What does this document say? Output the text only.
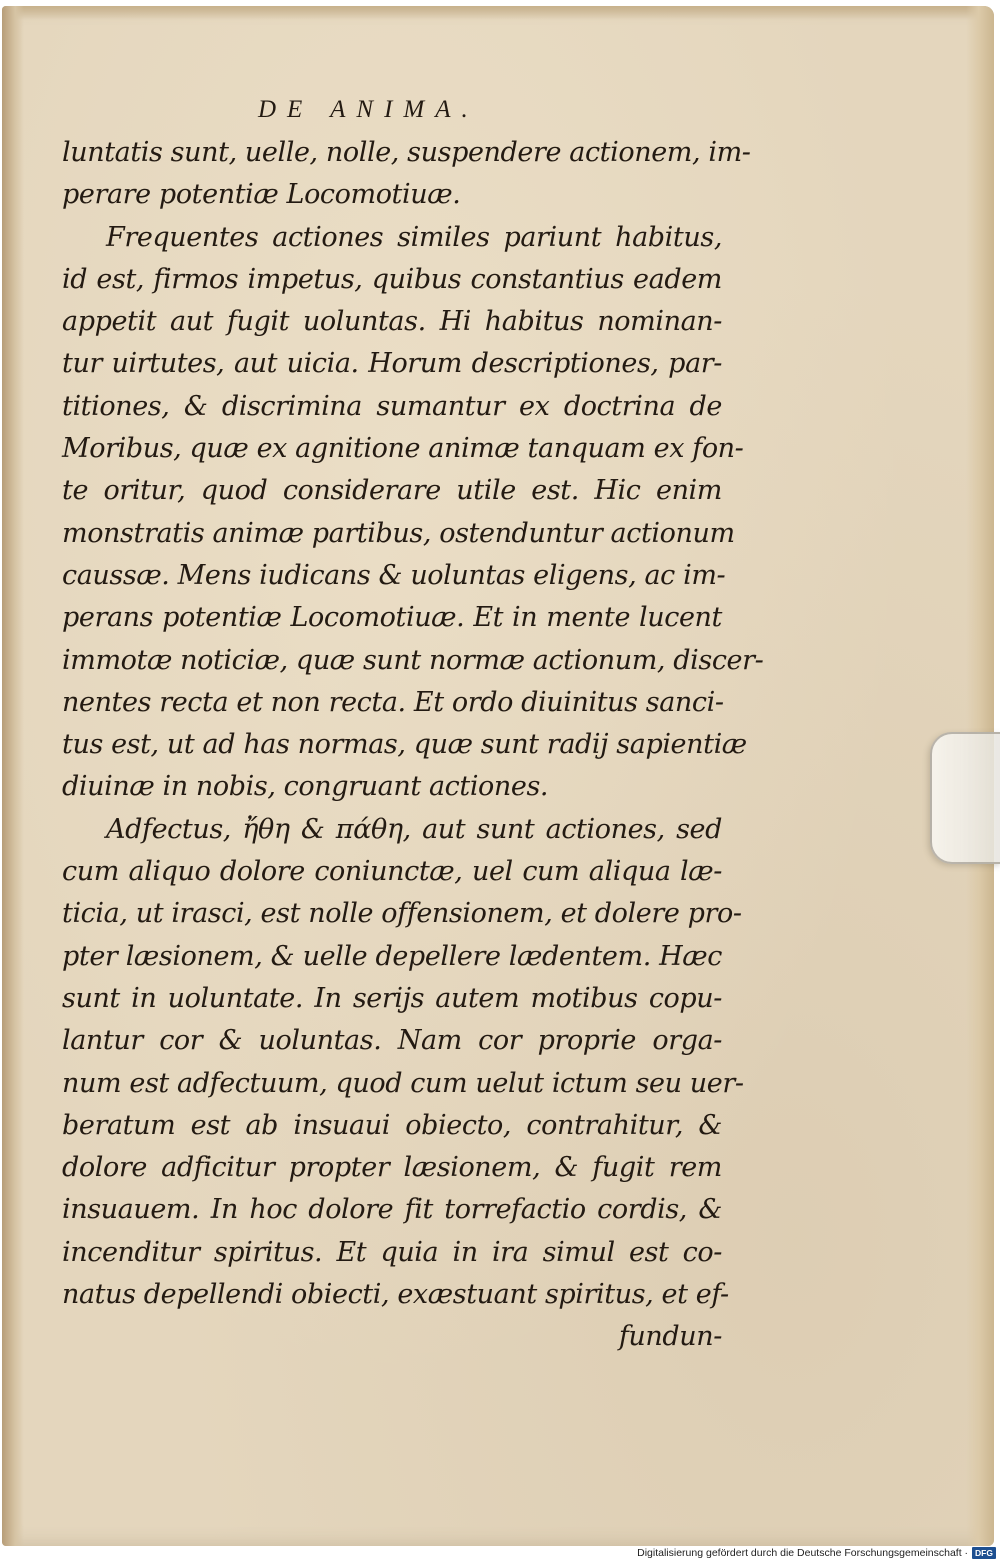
DE ANIMA.
luntatis sunt, uelle, nolle, suspendere actionem, im-
perare potentiæ Locomotiuæ.
Frequentes actiones similes pariunt habitus,
id est, firmos impetus, quibus constantius eadem
appetit aut fugit uoluntas. Hi habitus nominan-
tur uirtutes, aut uicia. Horum descriptiones, par-
titiones, & discrimina sumantur ex doctrina de
Moribus, quæ ex agnitione animæ tanquam ex fon-
te oritur, quod considerare utile est. Hic enim
monstratis animæ partibus, ostenduntur actionum
caussæ. Mens iudicans & uoluntas eligens, ac im-
perans potentiæ Locomotiuæ. Et in mente lucent
immotæ noticiæ, quæ sunt normæ actionum, discer-
nentes recta et non recta. Et ordo diuinitus sanci-
tus est, ut ad has normas, quæ sunt radij sapientiæ
diuinæ in nobis, congruant actiones.
Adfectus, ἤθη & πάθη, aut sunt actiones, sed
cum aliquo dolore coniunctæ, uel cum aliqua læ-
ticia, ut irasci, est nolle offensionem, et dolere pro-
pter læsionem, & uelle depellere lædentem. Hæc
sunt in uoluntate. In serijs autem motibus copu-
lantur cor & uoluntas. Nam cor proprie orga-
num est adfectuum, quod cum uelut ictum seu uer-
beratum est ab insuaui obiecto, contrahitur, &
dolore adficitur propter læsionem, & fugit rem
insuauem. In hoc dolore fit torrefactio cordis, &
incenditur spiritus. Et quia in ira simul est co-
natus depellendi obiecti, exæstuant spiritus, et ef-
fundun-
Digitalisierung gefördert durch die Deutsche Forschungsgemeinschaft · DFG
